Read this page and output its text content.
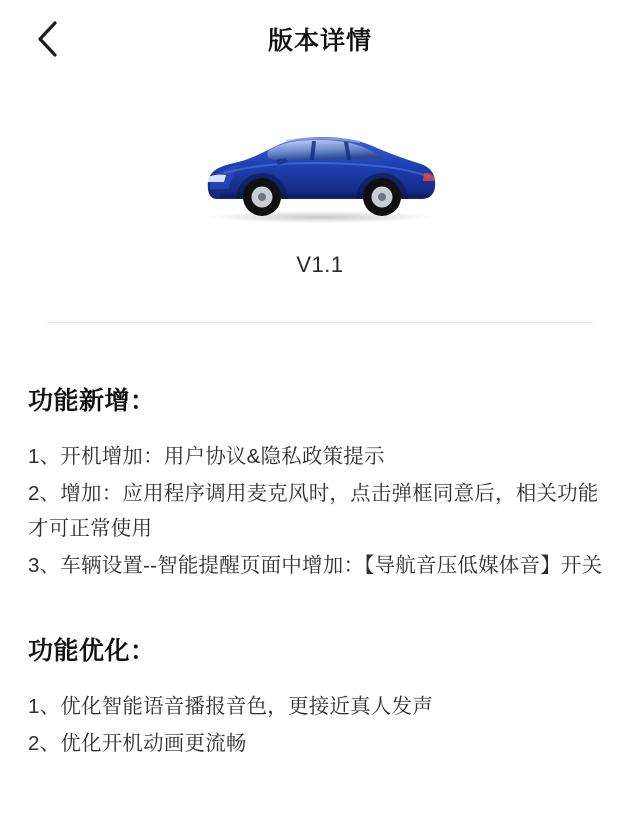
版本详情
V1.1
功能新增：
1、开机增加：用户协议&隐私政策提示
2、增加：应用程序调用麦克风时，点击弹框同意后，相关功能才可正常使用
3、车辆设置--智能提醒页面中增加：【导航音压低媒体音】开关
功能优化：
1、优化智能语音播报音色，更接近真人发声
2、优化开机动画更流畅
